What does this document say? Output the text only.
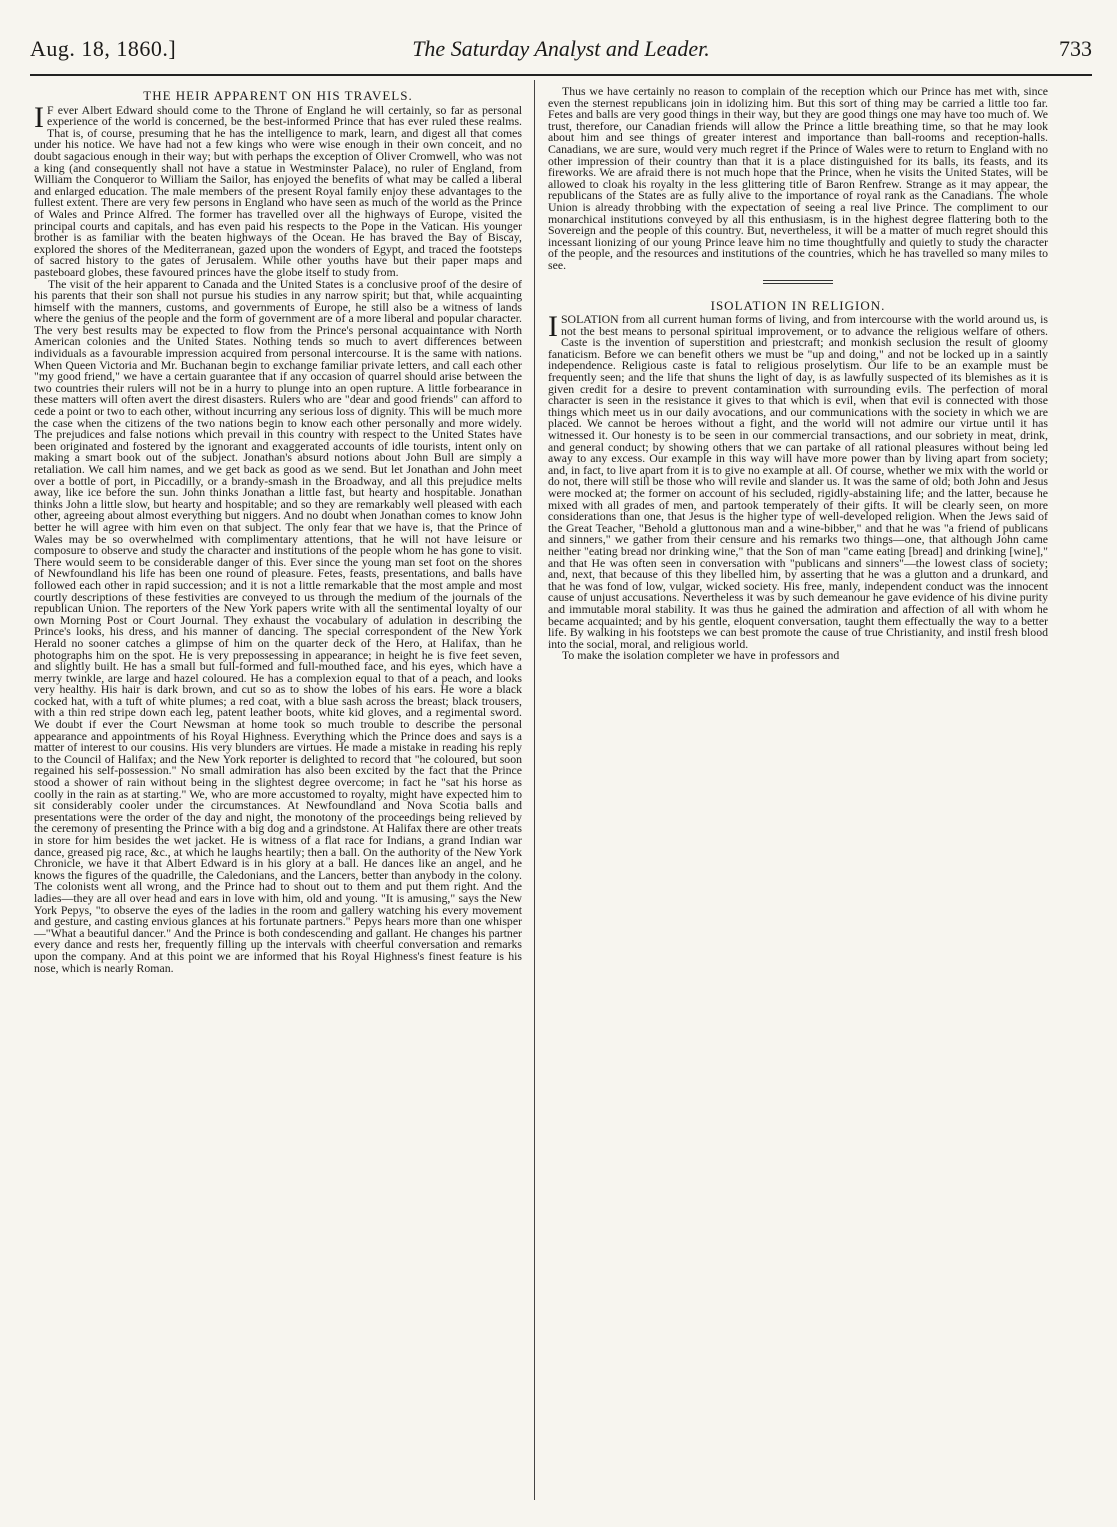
Aug. 18, 1860.]	The Saturday Analyst and Leader.	733
THE HEIR APPARENT ON HIS TRAVELS.

I F ever Albert Edward should come to the Throne of England he will certainly, so far as personal experience of the world is concerned, be the best-informed Prince that has ever ruled these realms. That is, of course, presuming that he has the intelligence to mark, learn, and digest all that comes under his notice. We have had not a few kings who were wise enough in their own conceit, and no doubt sagacious enough in their way; but with perhaps the exception of Oliver Cromwell, who was not a king (and consequently shall not have a statue in Westminster Palace), no ruler of England, from William the Conqueror to William the Sailor, has enjoyed the benefits of what may be called a liberal and enlarged education. The male members of the present Royal family enjoy these advantages to the fullest extent. There are very few persons in England who have seen as much of the world as the Prince of Wales and Prince Alfred. The former has travelled over all the highways of Europe, visited the principal courts and capitals, and has even paid his respects to the Pope in the Vatican. His younger brother is as familiar with the beaten highways of the Ocean. He has braved the Bay of Biscay, explored the shores of the Mediterranean, gazed upon the wonders of Egypt, and traced the footsteps of sacred history to the gates of Jerusalem. While other youths have but their paper maps and pasteboard globes, these favoured princes have the globe itself to study from.

The visit of the heir apparent to Canada and the United States is a conclusive proof of the desire of his parents that their son shall not pursue his studies in any narrow spirit; but that, while acquainting himself with the manners, customs, and governments of Europe, he still also be a witness of lands where the genius of the people and the form of government are of a more liberal and popular character. The very best results may be expected to flow from the Prince's personal acquaintance with North American colonies and the United States. Nothing tends so much to avert differences between individuals as a favourable impression acquired from personal intercourse. It is the same with nations. When Queen Victoria and Mr. Buchanan begin to exchange familiar private letters, and call each other "my good friend," we have a certain guarantee that if any occasion of quarrel should arise between the two countries their rulers will not be in a hurry to plunge into an open rupture. A little forbearance in these matters will often avert the direst disasters. Rulers who are "dear and good friends" can afford to cede a point or two to each other, without incurring any serious loss of dignity. This will be much more the case when the citizens of the two nations begin to know each other personally and more widely. The prejudices and false notions which prevail in this country with respect to the United States have been originated and fostered by the ignorant and exaggerated accounts of idle tourists, intent only on making a smart book out of the subject. Jonathan's absurd notions about John Bull are simply a retaliation. We call him names, and we get back as good as we send. But let Jonathan and John meet over a bottle of port, in Piccadilly, or a brandy-smash in the Broadway, and all this prejudice melts away, like ice before the sun. John thinks Jonathan a little fast, but hearty and hospitable. Jonathan thinks John a little slow, but hearty and hospitable; and so they are remarkably well pleased with each other, agreeing about almost everything but niggers. And no doubt when Jonathan comes to know John better he will agree with him even on that subject. The only fear that we have is, that the Prince of Wales may be so overwhelmed with complimentary attentions, that he will not have leisure or composure to observe and study the character and institutions of the people whom he has gone to visit. There would seem to be considerable danger of this. Ever since the young man set foot on the shores of Newfoundland his life has been one round of pleasure. Fetes, feasts, presentations, and balls have followed each other in rapid succession; and it is not a little remarkable that the most ample and most courtly descriptions of these festivities are conveyed to us through the medium of the journals of the republican Union. The reporters of the New York papers write with all the sentimental loyalty of our own Morning Post or Court Journal. They exhaust the vocabulary of adulation in describing the Prince's looks, his dress, and his manner of dancing. The special correspondent of the New York Herald no sooner catches a glimpse of him on the quarter deck of the Hero, at Halifax, than he photographs him on the spot. He is very prepossessing in appearance; in height he is five feet seven, and slightly built. He has a small but full-formed and full-mouthed face, and his eyes, which have a merry twinkle, are large and hazel coloured. He has a complexion equal to that of a peach, and looks very healthy. His hair is dark brown, and cut so as to show the lobes of his ears. He wore a black cocked hat, with a tuft of white plumes; a red coat, with a blue sash across the breast; black trousers, with a thin red stripe down each leg, patent leather boots, white kid gloves, and a regimental sword. We doubt if ever the Court Newsman at home took so much trouble to describe the personal appearance and appointments of his Royal Highness. Everything which the Prince does and says is a matter of interest to our cousins. His very blunders are virtues. He made a mistake in reading his reply to the Council of Halifax; and the New York reporter is delighted to record that "he coloured, but soon regained his self-possession." No small admiration has also been excited by the fact that the Prince stood a shower of rain without being in the slightest degree overcome; in fact he "sat his horse as coolly in the rain as at starting." We, who are more accustomed to royalty, might have expected him to sit considerably cooler under the circumstances. At Newfoundland and Nova Scotia balls and presentations were the order of the day and night, the monotony of the proceedings being relieved by the ceremony of presenting the Prince with a big dog and a grindstone. At Halifax there are other treats in store for him besides the wet jacket. He is witness of a flat race for Indians, a grand Indian war dance, greased pig race, &c., at which he laughs heartily; then a ball. On the authority of the New York Chronicle, we have it that Albert Edward is in his glory at a ball. He dances like an angel, and he knows the figures of the quadrille, the Caledonians, and the Lancers, better than anybody in the colony. The colonists went all wrong, and the Prince had to shout out to them and put them right. And the ladies—they are all over head and ears in love with him, old and young. "It is amusing," says the New York Pepys, "to observe the eyes of the ladies in the room and gallery watching his every movement and gesture, and casting envious glances at his fortunate partners." Pepys hears more than one whisper—"What a beautiful dancer." And the Prince is both condescending and gallant. He changes his partner every dance and rests her, frequently filling up the intervals with cheerful conversation and remarks upon the company. And at this point we are informed that his Royal Highness's finest feature is his nose, which is nearly Roman.

Thus we have certainly no reason to complain of the reception which our Prince has met with, since even the sternest republicans join in idolizing him. But this sort of thing may be carried a little too far. Fetes and balls are very good things in their way, but they are good things one may have too much of. We trust, therefore, our Canadian friends will allow the Prince a little breathing time, so that he may look about him and see things of greater interest and importance than ball-rooms and reception-halls. Canadians, we are sure, would very much regret if the Prince of Wales were to return to England with no other impression of their country than that it is a place distinguished for its balls, its feasts, and its fireworks. We are afraid there is not much hope that the Prince, when he visits the United States, will be allowed to cloak his royalty in the less glittering title of Baron Renfrew. Strange as it may appear, the republicans of the States are as fully alive to the importance of royal rank as the Canadians. The whole Union is already throbbing with the expectation of seeing a real live Prince. The compliment to our monarchical institutions conveyed by all this enthusiasm, is in the highest degree flattering both to the Sovereign and the people of this country. But, nevertheless, it will be a matter of much regret should this incessant lionizing of our young Prince leave him no time thoughtfully and quietly to study the character of the people, and the resources and institutions of the countries, which he has travelled so many miles to see.

ISOLATION IN RELIGION.

ISOLATION from all current human forms of living, and from intercourse with the world around us, is not the best means to personal spiritual improvement, or to advance the religious welfare of others. Caste is the invention of superstition and priestcraft; and monkish seclusion the result of gloomy fanaticism. Before we can benefit others we must be "up and doing," and not be locked up in a saintly independence. Religious caste is fatal to religious proselytism. Our life to be an example must be frequently seen; and the life that shuns the light of day, is as lawfully suspected of its blemishes as it is given credit for a desire to prevent contamination with surrounding evils. The perfection of moral character is seen in the resistance it gives to that which is evil, when that evil is connected with those things which meet us in our daily avocations, and our communications with the society in which we are placed. We cannot be heroes without a fight, and the world will not admire our virtue until it has witnessed it. Our honesty is to be seen in our commercial transactions, and our sobriety in meat, drink, and general conduct; by showing others that we can partake of all rational pleasures without being led away to any excess. Our example in this way will have more power than by living apart from society; and, in fact, to live apart from it is to give no example at all. Of course, whether we mix with the world or do not, there will still be those who will revile and slander us. It was the same of old; both John and Jesus were mocked at; the former on account of his secluded, rigidly-abstaining life; and the latter, because he mixed with all grades of men, and partook temperately of their gifts. It will be clearly seen, on more considerations than one, that Jesus is the higher type of well-developed religion. When the Jews said of the Great Teacher, "Behold a gluttonous man and a wine-bibber," and that he was "a friend of publicans and sinners," we gather from their censure and his remarks two things—one, that although John came neither "eating bread nor drinking wine," that the Son of man "came eating [bread] and drinking [wine]," and that He was often seen in conversation with "publicans and sinners"—the lowest class of society; and, next, that because of this they libelled him, by asserting that he was a glutton and a drunkard, and that he was fond of low, vulgar, wicked society. His free, manly, independent conduct was the innocent cause of unjust accusations. Nevertheless it was by such demeanour he gave evidence of his divine purity and immutable moral stability. It was thus he gained the admiration and affection of all with whom he became acquainted; and by his gentle, eloquent conversation, taught them effectually the way to a better life. By walking in his footsteps we can best promote the cause of true Christianity, and instil fresh blood into the social, moral, and religious world.

To make the isolation completer we have in professors and
